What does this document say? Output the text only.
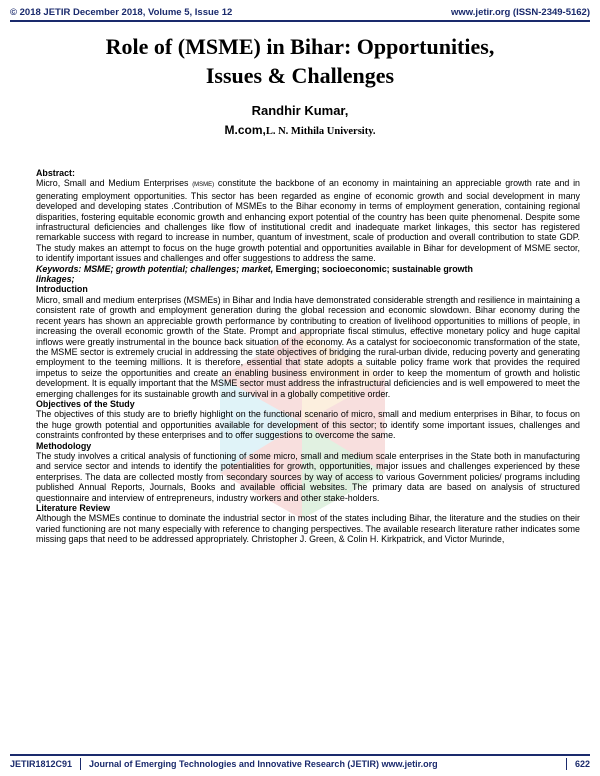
© 2018 JETIR December 2018, Volume 5, Issue 12	www.jetir.org (ISSN-2349-5162)
Role of (MSME) in Bihar: Opportunities,
Issues & Challenges
Randhir Kumar,
M.com,L. N. Mithila University.

Abstract:

Micro, Small and Medium Enterprises (MSME) constitute the backbone of an economy in maintaining an appreciable growth rate and in generating employment opportunities. This sector has been regarded as engine of economic growth and social development in many developed and developing states .Contribution of MSMEs to the Bihar economy in terms of employment generation, containing regional disparities, fostering equitable economic growth and enhancing export potential of the country has been quite phenomenal. Despite some infrastructural deficiencies and challenges like flow of institutional credit and inadequate market linkages, this sector has registered remarkable success with regard to increase in number, quantum of investment, scale of production and overall contribution to state GDP. The study makes an attempt to focus on the huge growth potential and opportunities available in Bihar for development of MSME sector, to identify important issues and challenges and offer suggestions to address the same.

Keywords: MSME; growth potential; challenges; market, Emerging; socioeconomic; sustainable growth

linkages;

Introduction

Micro, small and medium enterprises (MSMEs) in Bihar and India have demonstrated considerable strength and resilience in maintaining a consistent rate of growth and employment generation during the global recession and economic slowdown. Bihar economy during the recent years has shown an appreciable growth performance by contributing to creation of livelihood opportunities to millions of people, in increasing the overall economic growth of the State. Prompt and appropriate fiscal stimulus, effective monetary policy and huge capital inflows were greatly instrumental in the bounce back situation of the economy. As a catalyst for socioeconomic transformation of the state, the MSME sector is extremely crucial in addressing the state objectives of bridging the rural-urban divide, reducing poverty and generating employment to the teeming millions. It is therefore, essential that state adopts a suitable policy frame work that provides the required impetus to seize the opportunities and create an enabling business environment in order to keep the momentum of growth and holistic development. It is equally important that the MSME sector must address the infrastructural deficiencies and is well empowered to meet the emerging challenges for its sustainable growth and survival in a globally competitive order.

Objectives of the Study

The objectives of this study are to briefly highlight on the functional scenario of micro, small and medium enterprises in Bihar, to focus on the huge growth potential and opportunities available for development of this sector; to identify some important issues, challenges and constraints confronted by these enterprises and to offer suggestions to overcome the same.

Methodology

The study involves a critical analysis of functioning of some micro, small and medium scale enterprises in the State both in manufacturing and service sector and intends to identify the potentialities for growth, opportunities, major issues and challenges experienced by these enterprises. The data are collected mostly from secondary sources by way of access to various Government policies/ programs including published Annual Reports, Journals, Books and available official websites. The primary data are based on analysis of structured questionnaire and interview of entrepreneurs, industry workers and other stake-holders.

Literature Review

Although the MSMEs continue to dominate the industrial sector in most of the states including Bihar, the literature and the studies on their varied functioning are not many especially with reference to changing perspectives. The available research literature rather indicates some missing gaps that need to be addressed appropriately. Christopher J. Green, & Colin H. Kirkpatrick, and Victor Murinde,

JETIR1812C91 Journal of Emerging Technologies and Innovative Research (JETIR) www.jetir.org	622
